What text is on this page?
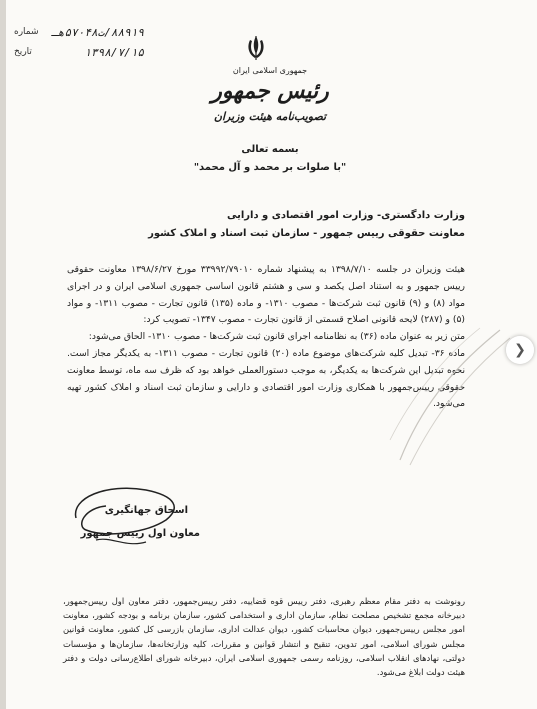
۸۸۹۱۹/ت۵۷۰۴۸هـ
شماره
۱۳۹۸/۷/۱۵
تاریخ
جمهوری اسلامی ایران
رئیس جمهور
تصویب‌نامه هیئت وزیران
بسمه تعالی
"با صلوات بر محمد و آل محمد"
وزارت دادگستری- وزارت امور اقتصادی و دارایی
معاونت حقوقی رییس جمهور - سازمان ثبت اسناد و املاک کشور

هیئت وزیران در جلسه ۱۳۹۸/۷/۱۰ به پیشنهاد شماره ۳۳۹۹۲/۷۹۰۱۰ مورخ ۱۳۹۸/۶/۲۷ معاونت حقوقی رییس جمهور و به استناد اصل یکصد و سی و هشتم قانون اساسی جمهوری اسلامی ایران و در اجرای مواد (۸) و (۹) قانون ثبت شرکت‌ها - مصوب ۱۳۱۰- و ماده (۱۳۵) قانون تجارت - مصوب ۱۳۱۱- و مواد (۵) و (۲۸۷) لایحه قانونی اصلاح قسمتی از قانون تجارت - مصوب ۱۳۴۷- تصویب کرد:

متن زیر به عنوان ماده (۳۶) به نظامنامه اجرای قانون ثبت شرکت‌ها - مصوب ۱۳۱۰- الحاق می‌شود:

ماده ۳۶- تبدیل کلیه شرکت‌های موضوع ماده (۲۰) قانون تجارت - مصوب ۱۳۱۱- به یکدیگر مجاز است. نحوه تبدیل این شرکت‌ها به یکدیگر، به موجب دستورالعملی خواهد بود که ظرف سه ماه، توسط معاونت حقوقی رییس‌جمهور با همکاری وزارت امور اقتصادی و دارایی و سازمان ثبت اسناد و املاک کشور تهیه می‌شود.

اسحاق جهانگیری
معاون اول رییس جمهور
رونوشت به دفتر مقام معظم رهبری، دفتر رییس قوه قضاییه، دفتر رییس‌جمهور، دفتر معاون اول رییس‌جمهور، دبیرخانه مجمع تشخیص مصلحت نظام، سازمان اداری و استخدامی کشور، سازمان برنامه و بودجه کشور، معاونت امور مجلس رییس‌جمهور، دیوان محاسبات کشور، دیوان عدالت اداری، سازمان بازرسی کل کشور، معاونت قوانین مجلس شورای اسلامی، امور تدوین، تنقیح و انتشار قوانین و مقررات، کلیه وزارتخانه‌ها، سازمان‌ها و مؤسسات دولتی، نهادهای انقلاب اسلامی، روزنامه رسمی جمهوری اسلامی ایران، دبیرخانه شورای اطلاع‌رسانی دولت و دفتر هیئت دولت ابلاغ می‌شود.
❯
